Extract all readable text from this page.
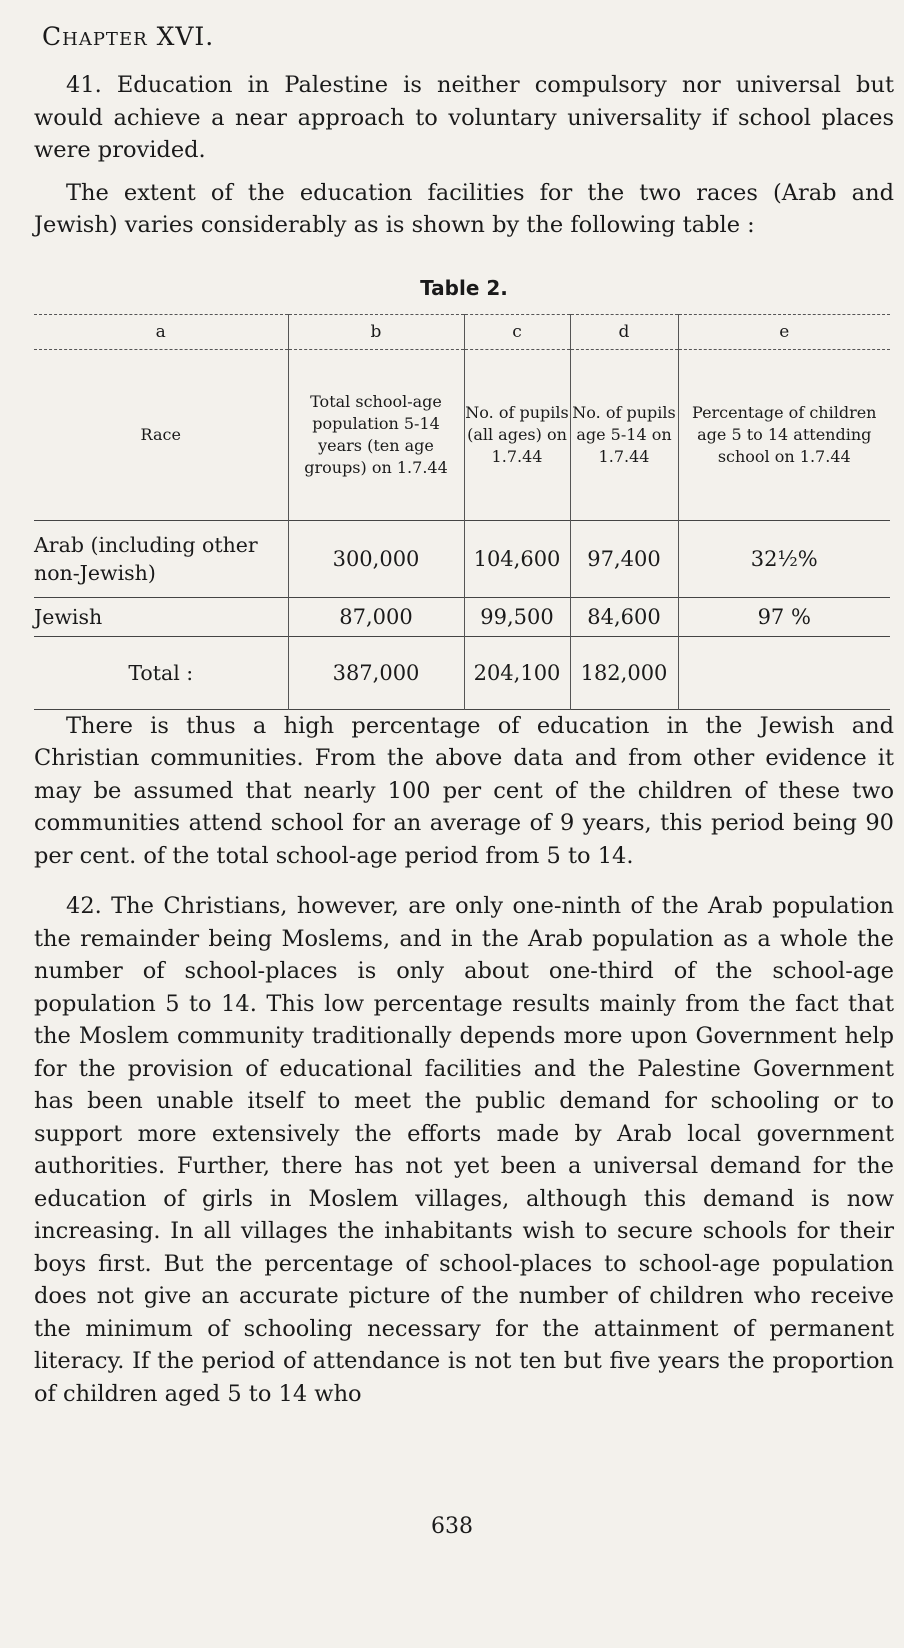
Chapter XVI.

41. Education in Palestine is neither compulsory nor universal but would achieve a near approach to voluntary universality if school places were provided.

The extent of the education facilities for the two races (Arab and Jewish) varies considerably as is shown by the following table :

Table 2.
a	b	c	d	e
Race	Total school-age population 5-14 years (ten age groups) on 1.7.44	No. of pupils (all ages) on 1.7.44	No. of pupils age 5-14 on 1.7.44	Percentage of children age 5 to 14 attending school on 1.7.44
Arab (including other non-Jewish)	300,000	104,600	97,400	32½%
Jewish	87,000	99,500	84,600	97 %
Total :	387,000	204,100	182,000	

There is thus a high percentage of education in the Jewish and Christian communities. From the above data and from other evidence it may be assumed that nearly 100 per cent of the children of these two communities attend school for an average of 9 years, this period being 90 per cent. of the total school-age period from 5 to 14.

42. The Christians, however, are only one-ninth of the Arab population the remainder being Moslems, and in the Arab population as a whole the number of school-places is only about one-third of the school-age population 5 to 14. This low percentage results mainly from the fact that the Moslem community traditionally depends more upon Government help for the provision of educational facilities and the Palestine Government has been unable itself to meet the public demand for schooling or to support more extensively the efforts made by Arab local government authorities. Further, there has not yet been a universal demand for the education of girls in Moslem villages, although this demand is now increasing. In all villages the inhabitants wish to secure schools for their boys first. But the percentage of school-places to school-age population does not give an accurate picture of the number of children who receive the minimum of schooling necessary for the attainment of permanent literacy. If the period of attendance is not ten but five years the proportion of children aged 5 to 14 who

638
